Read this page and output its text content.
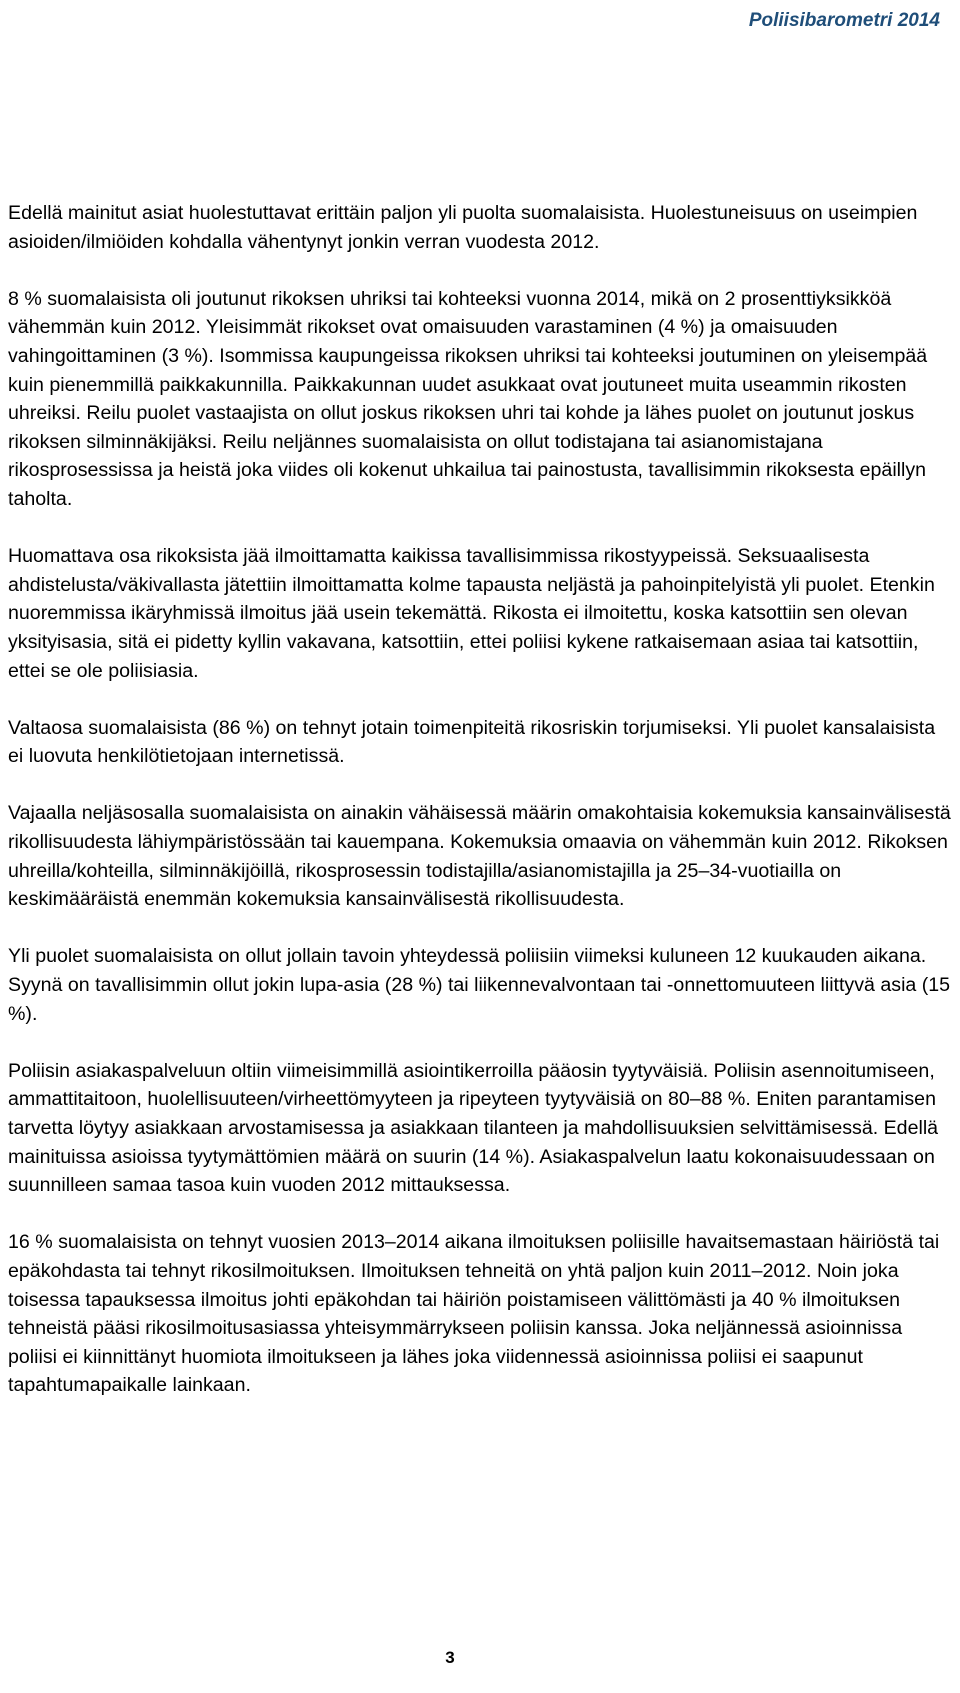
Poliisibarometri 2014

Edellä mainitut asiat huolestuttavat erittäin paljon yli puolta suomalaisista. Huolestuneisuus on useimpien asioiden/ilmiöiden kohdalla vähentynyt jonkin verran vuodesta 2012.

8 % suomalaisista oli joutunut rikoksen uhriksi tai kohteeksi vuonna 2014, mikä on 2 prosenttiyksikköä vähemmän kuin 2012. Yleisimmät rikokset ovat omaisuuden varastaminen (4 %) ja omaisuuden vahingoittaminen (3 %). Isommissa kaupungeissa rikoksen uhriksi tai kohteeksi joutuminen on yleisempää kuin pienemmillä paikkakunnilla. Paikkakunnan uudet asukkaat ovat joutuneet muita useammin rikosten uhreiksi. Reilu puolet vastaajista on ollut joskus rikoksen uhri tai kohde ja lähes puolet on joutunut joskus rikoksen silminnäkijäksi. Reilu neljännes suomalaisista on ollut todistajana tai asianomistajana rikosprosessissa ja heistä joka viides oli kokenut uhkailua tai painostusta, tavallisimmin rikoksesta epäillyn taholta.

Huomattava osa rikoksista jää ilmoittamatta kaikissa tavallisimmissa rikostyypeissä. Seksuaalisesta ahdistelusta/väkivallasta jätettiin ilmoittamatta kolme tapausta neljästä ja pahoinpitelyistä yli puolet. Etenkin nuoremmissa ikäryhmissä ilmoitus jää usein tekemättä. Rikosta ei ilmoitettu, koska katsottiin sen olevan yksityisasia, sitä ei pidetty kyllin vakavana, katsottiin, ettei poliisi kykene ratkaisemaan asiaa tai katsottiin, ettei se ole poliisiasia.

Valtaosa suomalaisista (86 %) on tehnyt jotain toimenpiteitä rikosriskin torjumiseksi. Yli puolet kansalaisista ei luovuta henkilötietojaan internetissä.

Vajaalla neljäsosalla suomalaisista on ainakin vähäisessä määrin omakohtaisia kokemuksia kansainvälisestä rikollisuudesta lähiympäristössään tai kauempana. Kokemuksia omaavia on vähemmän kuin 2012. Rikoksen uhreilla/kohteilla, silminnäkijöillä, rikosprosessin todistajilla/asianomistajilla ja 25–34-vuotiailla on keskimääräistä enemmän kokemuksia kansainvälisestä rikollisuudesta.

Yli puolet suomalaisista on ollut jollain tavoin yhteydessä poliisiin viimeksi kuluneen 12 kuukauden aikana. Syynä on tavallisimmin ollut jokin lupa-asia (28 %) tai liikennevalvontaan tai -onnettomuuteen liittyvä asia (15 %).

Poliisin asiakaspalveluun oltiin viimeisimmillä asiointikerroilla pääosin tyytyväisiä. Poliisin asennoitumiseen, ammattitaitoon, huolellisuuteen/virheettömyyteen ja ripeyteen tyytyväisiä on 80–88 %. Eniten parantamisen tarvetta löytyy asiakkaan arvostamisessa ja asiakkaan tilanteen ja mahdollisuuksien selvittämisessä. Edellä mainituissa asioissa tyytymättömien määrä on suurin (14 %). Asiakaspalvelun laatu kokonaisuudessaan on suunnilleen samaa tasoa kuin vuoden 2012 mittauksessa.

16 % suomalaisista on tehnyt vuosien 2013–2014 aikana ilmoituksen poliisille havaitsemastaan häiriöstä tai epäkohdasta tai tehnyt rikosilmoituksen. Ilmoituksen tehneitä on yhtä paljon kuin 2011–2012. Noin joka toisessa tapauksessa ilmoitus johti epäkohdan tai häiriön poistamiseen välittömästi ja 40 % ilmoituksen tehneistä pääsi rikosilmoitusasiassa yhteisymmärrykseen poliisin kanssa. Joka neljännessä asioinnissa poliisi ei kiinnittänyt huomiota ilmoitukseen ja lähes joka viidennessä asioinnissa poliisi ei saapunut tapahtumapaikalle lainkaan.

3
